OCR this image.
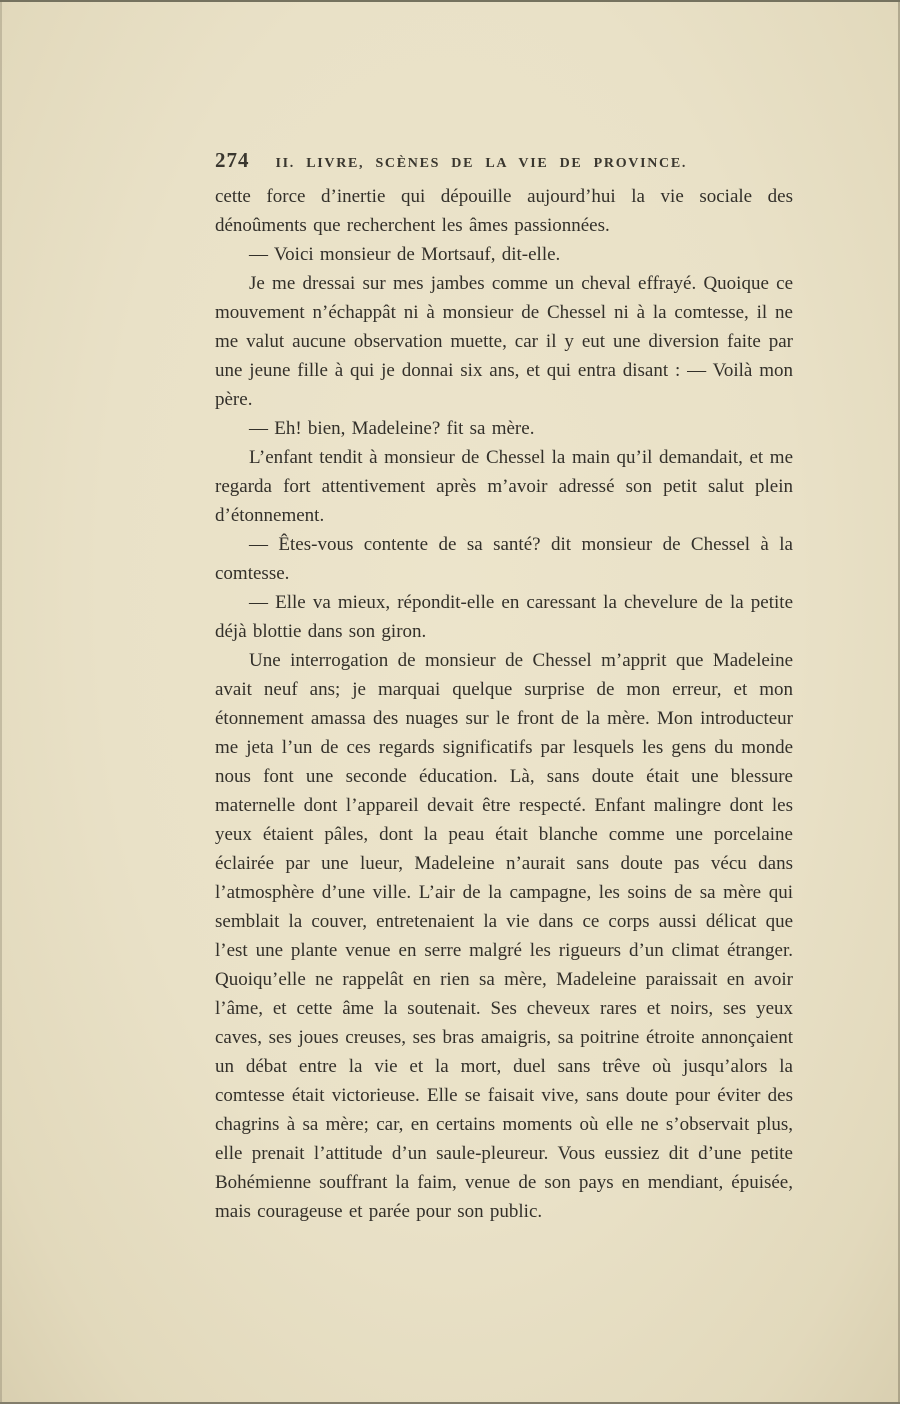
274 II. LIVRE, SCÈNES DE LA VIE DE PROVINCE.

cette force d’inertie qui dépouille aujourd’hui la vie sociale des dénoûments que recherchent les âmes passionnées.

— Voici monsieur de Mortsauf, dit-elle.

Je me dressai sur mes jambes comme un cheval effrayé. Quoique ce mouvement n’échappât ni à monsieur de Chessel ni à la comtesse, il ne me valut aucune observation muette, car il y eut une diversion faite par une jeune fille à qui je donnai six ans, et qui entra disant : — Voilà mon père.

— Eh! bien, Madeleine? fit sa mère.

L’enfant tendit à monsieur de Chessel la main qu’il demandait, et me regarda fort attentivement après m’avoir adressé son petit salut plein d’étonnement.

— Êtes-vous contente de sa santé? dit monsieur de Chessel à la comtesse.

— Elle va mieux, répondit-elle en caressant la chevelure de la petite déjà blottie dans son giron.

Une interrogation de monsieur de Chessel m’apprit que Madeleine avait neuf ans; je marquai quelque surprise de mon erreur, et mon étonnement amassa des nuages sur le front de la mère. Mon introducteur me jeta l’un de ces regards significatifs par lesquels les gens du monde nous font une seconde éducation. Là, sans doute était une blessure maternelle dont l’appareil devait être respecté. Enfant malingre dont les yeux étaient pâles, dont la peau était blanche comme une porcelaine éclairée par une lueur, Madeleine n’aurait sans doute pas vécu dans l’atmosphère d’une ville. L’air de la campagne, les soins de sa mère qui semblait la couver, entretenaient la vie dans ce corps aussi délicat que l’est une plante venue en serre malgré les rigueurs d’un climat étranger. Quoiqu’elle ne rappelât en rien sa mère, Madeleine paraissait en avoir l’âme, et cette âme la soutenait. Ses cheveux rares et noirs, ses yeux caves, ses joues creuses, ses bras amaigris, sa poitrine étroite annonçaient un débat entre la vie et la mort, duel sans trêve où jusqu’alors la comtesse était victorieuse. Elle se faisait vive, sans doute pour éviter des chagrins à sa mère; car, en certains moments où elle ne s’observait plus, elle prenait l’attitude d’un saule-pleureur. Vous eussiez dit d’une petite Bohémienne souffrant la faim, venue de son pays en mendiant, épuisée, mais courageuse et parée pour son public.
